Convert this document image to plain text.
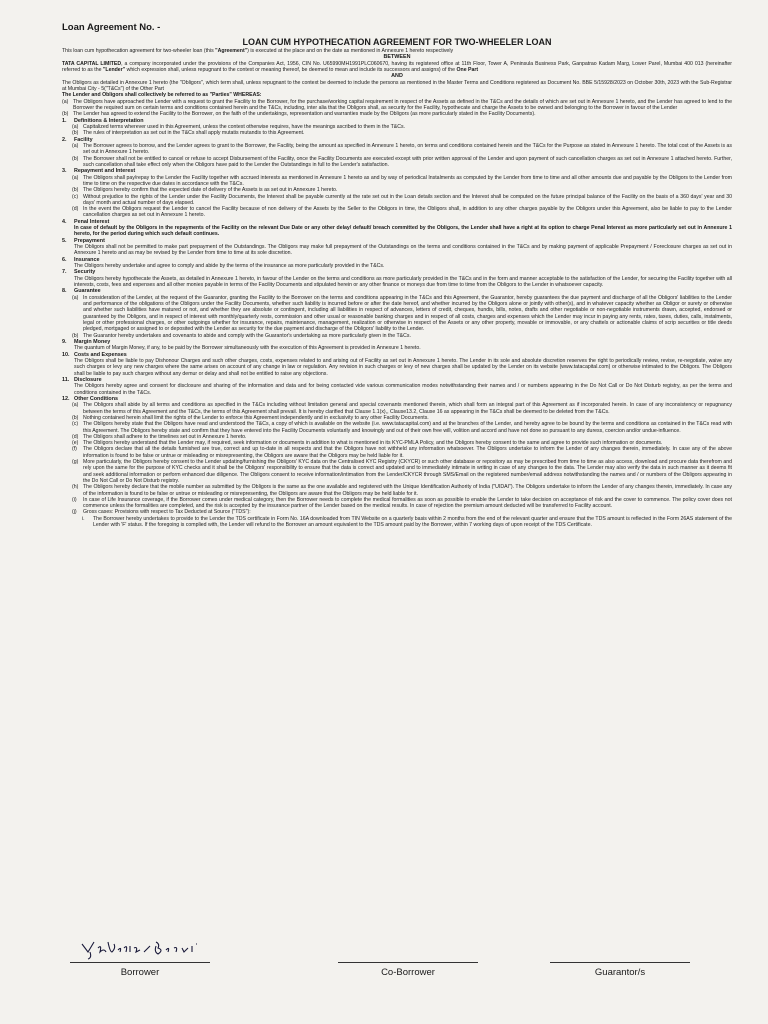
Loan Agreement No. -
LOAN CUM HYPOTHECATION AGREEMENT FOR TWO-WHEELER LOAN

This loan cum hypothecation agreement for two-wheeler loan (this "Agreement") is executed at the place and on the date as mentioned in Annexure 1 hereto respectively

BETWEEN

TATA CAPITAL LIMITED, a company incorporated under the provisions of the Companies Act, 1956, CIN No. U65990MH1991PLC060670, having its registered office at 11th Floor, Tower A, Peninsula Business Park, Ganpatrao Kadam Marg, Lower Parel, Mumbai 400 013 (hereinafter referred to as the "Lender" which expression shall, unless repugnant to the context or meaning thereof, be deemed to mean and include its successors and assigns) of the One Part

AND

The Obligors as detailed in Annexure 1 hereto (the "Obligors", which term shall, unless repugnant to the context be deemed to include the persons as mentioned in the Master Terms and Conditions registered as Document No. BBE 5/15928/2023 on October 30th, 2023 with the Sub-Registrar at Mumbai City - 5("T&Cs") of the Other Part

The Lender and Obligors shall collectively be referred to as "Parties" WHEREAS:

(a) The Obligors have approached the Lender with a request to grant the Facility to the Borrower, for the purchase/working capital requirement in respect of the Assets as defined in the T&Cs and the details of which are set out in Annexure 1 hereto, and the Lender has agreed to lend to the Borrower the required sum on certain terms and conditions contained herein and the T&Cs, including, inter alia that the Obligors shall, as security for the Facility, hypothecate and charge the Assets to be owned and belonging to the Borrower in favour of the Lender
(b) The Lender has agreed to extend the Facility to the Borrower, on the faith of the undertakings, representation and warranties made by the Obligors (as more particularly stated in the Facility Documents).
1. Definitions & Interpretation
(a) Capitalized terms wherever used in this Agreement, unless the context otherwise requires, have the meanings ascribed to them in the T&Cs.
(b) The rules of interpretation as set out in the T&Cs shall apply mutatis mutandis to this Agreement.
2. Facility
(a) The Borrower agrees to borrow, and the Lender agrees to grant to the Borrower, the Facility, being the amount as specified in Annexure 1 hereto, on terms and conditions contained herein and the T&Cs for the Purpose as stated in Annexure 1 hereto. The total cost of the Assets is as set out in Annexure 1 hereto.
(b) The Borrower shall not be entitled to cancel or refuse to accept Disbursement of the Facility, once the Facility Documents are executed except with prior written approval of the Lender and upon payment of such cancellation charges as set out in Annexure 1 attached hereto. Further, such cancellation shall take effect only when the Obligors have paid to the Lender the Outstandings in full to the Lender's satisfaction.
3. Repayment and Interest
(a) The Obligors shall pay/repay to the Lender the Facility together with accrued interests as mentioned in Annexure 1 hereto as and by way of periodical Instalments as computed by the Lender from time to time and all other amounts due and payable by the Obligors to the Lender from time to time on the respective due dates in accordance with the T&Cs.
(b) The Obligors hereby confirm that the expected date of delivery of the Assets is as set out in Annexure 1 hereto.
(c) Without prejudice to the rights of the Lender under the Facility Documents, the Interest shall be payable currently at the rate set out in the Loan details section and the Interest shall be computed on the future principal balance of the Facility on the basis of a 360 days' year and 30 days' month and actual number of days elapsed.
(d) In the event the Obligors request the Lender to cancel the Facility because of non delivery of the Assets by the Seller to the Obligors in time, the Obligors shall, in addition to any other charges payable by the Obligors under this Agreement, also be liable to pay to the Lender cancellation charges as set out in Annexure 1 hereto.
4. Penal Interest

In case of default by the Obligors in the repayments of the Facility on the relevant Due Date or any other delay/ default/ breach committed by the Obligors, the Lender shall have a right at its option to charge Penal Interest as more particularly set out in Annexure 1 hereto, for the period during which such default continues.

5. Prepayment

The Obligors shall not be permitted to make part prepayment of the Outstandings. The Obligors may make full prepayment of the Outstandings on the terms and conditions contained in the T&Cs and by making payment of applicable Prepayment / Foreclosure charges as set out in Annexure 1 hereto and as may be revised by the Lender from time to time at its sole discretion.

6. Insurance

The Obligors hereby undertake and agree to comply and abide by the terms of the insurance as more particularly provided in the T&Cs.

7. Security

The Obligors hereby hypothecate the Assets, as detailed in Annexure 1 hereto, in favour of the Lender on the terms and conditions as more particularly provided in the T&Cs and in the form and manner acceptable to the satisfaction of the Lender, for securing the Facility together with all interests, costs, fees and expenses and all other monies payable in terms of the Facility Documents and stipulated herein or any other finance or moneys due from time to time from the Obligors to the Lender in whatsoever capacity.

8. Guarantee
(a) In consideration of the Lender, at the request of the Guarantor, granting the Facility to the Borrower on the terms and conditions appearing in the T&Cs and this Agreement, the Guarantor, hereby guarantees the due payment and discharge of all the Obligors' liabilities to the Lender and performance of the obligations of the Obligors under the Facility Documents, whether such liability is incurred before or after the date hereof, and whether incurred by the Obligors alone or jointly with other(s), and in whatever capacity whether as Obligor or surety or otherwise and whether such liabilities have matured or not, and whether they are absolute or contingent, including all liabilities in respect of advances, letters of credit, cheques, hundis, bills, notes, drafts and other negotiable or non-negotiable instruments drawn, accepted, endorsed or guaranteed by the Obligors, and in respect of interest with monthly/quarterly rests, commission and other usual or reasonable banking charges and in respect of all costs, charges and expenses which the Lender may incur in paying any rents, rates, taxes, duties, calls, instalments, legal or other professional charges, or other outgoings whether for insurance, repairs, maintenance, management, realization or otherwise in respect of the Assets or any other property, movable or immovable, or any chattels or actionable claims of scrip securities or title deeds pledged, mortgaged or assigned to or deposited with the Lender as security for the due payment and discharge of the Obligors' liability to the Lender.
(b) The Guarantor hereby undertakes and covenants to abide and comply with the Guarantor's undertaking as more particularly given in the T&Cs.
9. Margin Money

The quantum of Margin Money, if any, to be paid by the Borrower simultaneously with the execution of this Agreement is provided in Annexure 1 hereto.

10. Costs and Expenses

The Obligors shall be liable to pay Dishonour Charges and such other charges, costs, expenses related to and arising out of Facility as set out in Annexure 1 hereto. The Lender in its sole and absolute discretion reserves the right to periodically review, revise, re-negotiate, waive any such charges or levy any new charges where the same arises on account of any change in law or regulation. Any revision in such charges or levy of new charges shall be updated by the Lender on its website (www.tatacapital.com) or otherwise intimated to the Obligors. The Obligors shall be liable to pay such charges without any demur or delay and shall not be entitled to raise any objections.

11. Disclosure

The Obligors hereby agree and consent for disclosure and sharing of the information and data and for being contacted vide various communication modes notwithstanding their names and / or numbers appearing in the Do Not Call or Do Not Disturb registry, as per the terms and conditions contained in the T&Cs.

12. Other Conditions
(a) The Obligors shall abide by all terms and conditions as specified in the T&Cs including without limitation general and special covenants mentioned therein, which shall form an integral part of this Agreement as if incorporated herein. In case of any inconsistency or repugnancy between the terms of this Agreement and the T&Cs, the terms of this Agreement shall prevail. It is hereby clarified that Clause 1.1(x),, Clause13.2, Clause 16 as appearing in the T&Cs shall be deemed to be deleted from the T&Cs.
(b) Nothing contained herein shall limit the rights of the Lender to enforce this Agreement independently and in exclusivity to any other Facility Documents.
(c) The Obligors hereby state that the Obligors have read and understood the T&Cs, a copy of which is available on the website (i.e. www.tatacapital.com) and at the branches of the Lender, and hereby agree to be bound by the terms and conditions as contained in the T&Cs read with this Agreement. The Obligors hereby state and confirm that they have entered into the Facility Documents voluntarily and knowingly and out of their own free will, volition and accord and have not done so pursuant to any duress, coercion and/or undue-influence.
(d) The Obligors shall adhere to the timelines set out in Annexure 1 hereto.
(e) The Obligors hereby understand that the Lender may, if required, seek information or documents in addition to what is mentioned in its KYC-PMLA Policy, and the Obligors hereby consent to the same and agree to provide such information or documents.
(f)	The Obligors declare that all the details furnished are true, correct and up to-date in all respects and that the Obligors have not withheld any information whatsoever. The Obligors undertake to inform the Lender of any changes therein, immediately. In case any of the above information is found to be false or untrue or misleading or misrepresenting, the Obligors are aware that the Obligors may be held liable for it.
(g) More particularly, the Obligors hereby consent to the Lender updating/furnishing the Obligors' KYC data on the Centralised KYC Registry (CKYCR) or such other database or repository as may be prescribed from time to time as also access, download and procure data therefrom and rely upon the same for the purpose of KYC checks and it shall be the Obligors' responsibility to ensure that the data is correct and updated and to immediately intimate in writing in case of any changes to the data. The Lender may also verify the data in such manner as it deems fit and seek additional information or perform enhanced due diligence. The Obligors consent to receive information/intimation from the Lender/CKYCR through SMS/Email on the registered number/email address notwithstanding the names and / or numbers of the Obligors appearing in the Do Not Call or Do Not Disturb registry.
(h) The Obligors hereby declare that the mobile number as submitted by the Obligors is the same as the one available and registered with the Unique Identification Authority of India ("UIDAI"). The Obligors undertake to inform the Lender of any changes therein, immediately. In case any of the information is found to be false or untrue or misleading or misrepresenting, the Obligors are aware that the Obligors may be held liable for it.
(i)	In case of Life Insurance coverage, if the Borrower comes under medical category, then the Borrower needs to complete the medical formalities as soon as possible to enable the Lender to take decision on acceptance of risk and the cover to commence. The policy cover does not commence unless the formalities are completed, and the risk is accepted by the insurance partner of the Lender based on the medical results. In case of rejection the premium amount deducted will be transferred to Facility account.
(j)	Gross cases: Provisions with respect to Tax Deducted at Source ("TDS"):
i.	The Borrower hereby undertakes to provide to the Lender the TDS certificate in Form No. 16A downloaded from TIN Website on a quarterly basis within 2 months from the end of the relevant quarter and ensure that the TDS amount is reflected in the Form 26AS statement of the Lender with 'F' status. If the foregoing is complied with, the Lender will refund to the Borrower an amount equivalent to the TDS amount paid by the Borrower, within 7 working days of upon receipt of the TDS Certificate.
Borrower	Co-Borrower	Guarantor/s
